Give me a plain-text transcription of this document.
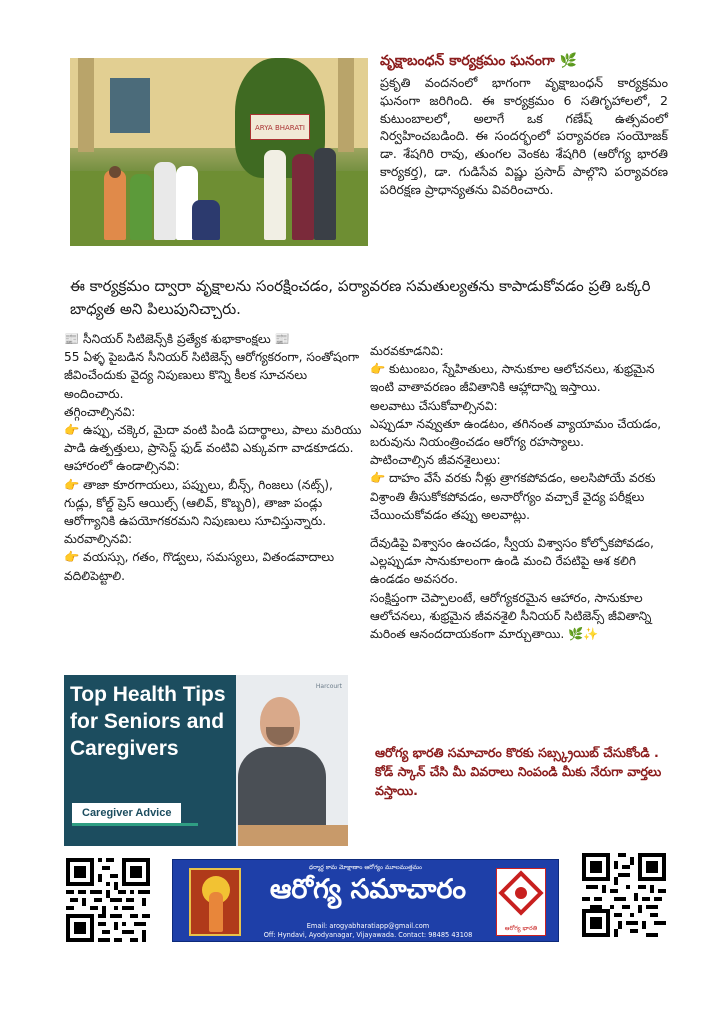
ARYA BHARATI
వృక్షాబంధన్ కార్యక్రమం ఘనంగా 🌿
ప్రకృతి వందనంలో భాగంగా వృక్షాబంధన్ కార్యక్రమం ఘనంగా జరిగింది. ఈ కార్యక్రమం 6 సతిగృహాలలో, 2 కుటుంబాలలో, అలాగే ఒక గణేష్ ఉత్సవంలో నిర్వహించబడింది. ఈ సందర్భంలో పర్యావరణ సంయోజక్ డా. శేషగిరి రావు, తుంగల వెంకట శేషగిరి (ఆరోగ్య భారతి కార్యకర్త), డా. గుడిసేవ విష్ణు ప్రసాద్ పాల్గొని పర్యావరణ పరిరక్షణ ప్రాధాన్యతను వివరించారు.
ఈ కార్యక్రమం ద్వారా వృక్షాలను సంరక్షించడం, పర్యావరణ సమతుల్యతను కాపాడుకోవడం ప్రతి ఒక్కరి బాధ్యత అని పిలుపునిచ్చారు.

📰 సీనియర్ సిటిజెన్స్‌కి ప్రత్యేక శుభాకాంక్షలు 📰

55 ఏళ్ళ పైబడిన సీనియర్ సిటిజెన్స్ ఆరోగ్యకరంగా, సంతోషంగా జీవించేందుకు వైద్య నిపుణులు కొన్ని కీలక సూచనలు అందించారు.

తగ్గించాల్సినవి:

👉 ఉప్పు, చక్కెర, మైదా వంటి పిండి పదార్థాలు, పాలు మరియు పాడి ఉత్పత్తులు, ప్రాసెస్డ్ ఫుడ్ వంటివి ఎక్కువగా వాడకూడదు.

ఆహారంలో ఉండాల్సినవి:

👉 తాజా కూరగాయలు, పప్పులు, బీన్స్, గింజలు (నట్స్), గుడ్లు, కోల్డ్ ప్రెస్ ఆయిల్స్ (ఆలివ్, కొబ్బరి), తాజా పండ్లు ఆరోగ్యానికి ఉపయోగకరమని నిపుణులు సూచిస్తున్నారు.

మరవాల్సినవి:

👉 వయస్సు, గతం, గొడ్వలు, సమస్యలు, వితండవాదాలు వదిలిపెట్టాలి.

మరవకూడనివి:

👉 కుటుంబం, స్నేహితులు, సానుకూల ఆలోచనలు, శుభ్రమైన ఇంటి వాతావరణం జీవితానికి ఆహ్లాదాన్ని ఇస్తాయి.

అలవాటు చేసుకోవాల్సినవి:

ఎప్పుడూ నవ్వుతూ ఉండటం, తగినంత వ్యాయామం చేయడం, బరువును నియంత్రించడం ఆరోగ్య రహస్యాలు.

పాటించాల్సిన జీవనశైలులు:

👉 దాహం వేసే వరకు నీళ్లు త్రాగకపోవడం, అలసిపోయే వరకు విశ్రాంతి తీసుకోకపోవడం, అనారోగ్యం వచ్చాకే వైద్య పరీక్షలు చేయించుకోవడం తప్పు అలవాట్లు.

దేవుడిపై విశ్వాసం ఉంచడం, స్వీయ విశ్వాసం కోల్పోకపోవడం, ఎల్లప్పుడూ సానుకూలంగా ఉండి మంచి రేపటిపై ఆశ కలిగి ఉండడం అవసరం.

సంక్షిప్తంగా చెప్పాలంటే, ఆరోగ్యకరమైన ఆహారం, సానుకూల ఆలోచనలు, శుభ్రమైన జీవనశైలి సీనియర్ సిటిజెన్స్ జీవితాన్ని మరింత ఆనందదాయకంగా మార్చుతాయి. 🌿✨

Harcourt
Top Health Tips for Seniors and Caregivers
Caregiver Advice

ఆరోగ్య భారతి సమాచారం కొరకు సబ్స్క్రయిబ్ చేసుకోండి .

కోడ్ స్కాన్ చేసి మీ వివరాలు నింపండి మీకు నేరుగా వార్తలు వస్తాయి.

ధర్మార్థ కామ మోక్షాణాం ఆరోగ్యం మూలముత్తమం
ఆరోగ్య సమాచారం
Email: arogyabharatiapp@gmail.com
Off: Hyndavi, Ayodyanagar, Vijayawada. Contact: 98485 43108
ఆరోగ్య భారతి
